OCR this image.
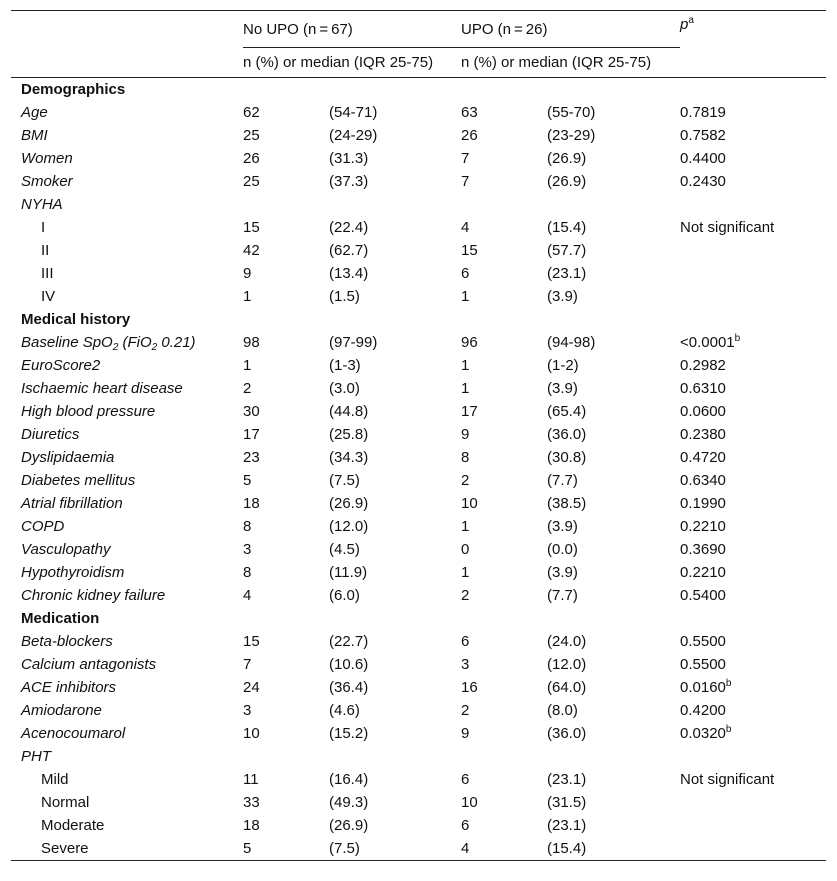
	No UPO (n = 67)		UPO (n = 26)		$p^a$
	n (%) or median (IQR 25-75)		n (%) or median (IQR 25-75)		
Demographics					
Age	62	(54-71)	63	(55-70)	0.7819
BMI	25	(24-29)	26	(23-29)	0.7582
Women	26	(31.3)	7	(26.9)	0.4400
Smoker	25	(37.3)	7	(26.9)	0.2430
NYHA					
I	15	(22.4)	4	(15.4)	Not significant
II	42	(62.7)	15	(57.7)	
III	9	(13.4)	6	(23.1)	
IV	1	(1.5)	1	(3.9)	
Medical history					
Baseline SpO$_2$ (FiO$_2$ 0.21)	98	(97-99)	96	(94-98)	<0.0001$^b$
EuroScore2	1	(1-3)	1	(1-2)	0.2982
Ischaemic heart disease	2	(3.0)	1	(3.9)	0.6310
High blood pressure	30	(44.8)	17	(65.4)	0.0600
Diuretics	17	(25.8)	9	(36.0)	0.2380
Dyslipidaemia	23	(34.3)	8	(30.8)	0.4720
Diabetes mellitus	5	(7.5)	2	(7.7)	0.6340
Atrial fibrillation	18	(26.9)	10	(38.5)	0.1990
COPD	8	(12.0)	1	(3.9)	0.2210
Vasculopathy	3	(4.5)	0	(0.0)	0.3690
Hypothyroidism	8	(11.9)	1	(3.9)	0.2210
Chronic kidney failure	4	(6.0)	2	(7.7)	0.5400
Medication					
Beta-blockers	15	(22.7)	6	(24.0)	0.5500
Calcium antagonists	7	(10.6)	3	(12.0)	0.5500
ACE inhibitors	24	(36.4)	16	(64.0)	0.0160$^b$
Amiodarone	3	(4.6)	2	(8.0)	0.4200
Acenocoumarol	10	(15.2)	9	(36.0)	0.0320$^b$
PHT					
Mild	11	(16.4)	6	(23.1)	Not significant
Normal	33	(49.3)	10	(31.5)	
Moderate	18	(26.9)	6	(23.1)	
Severe	5	(7.5)	4	(15.4)	
